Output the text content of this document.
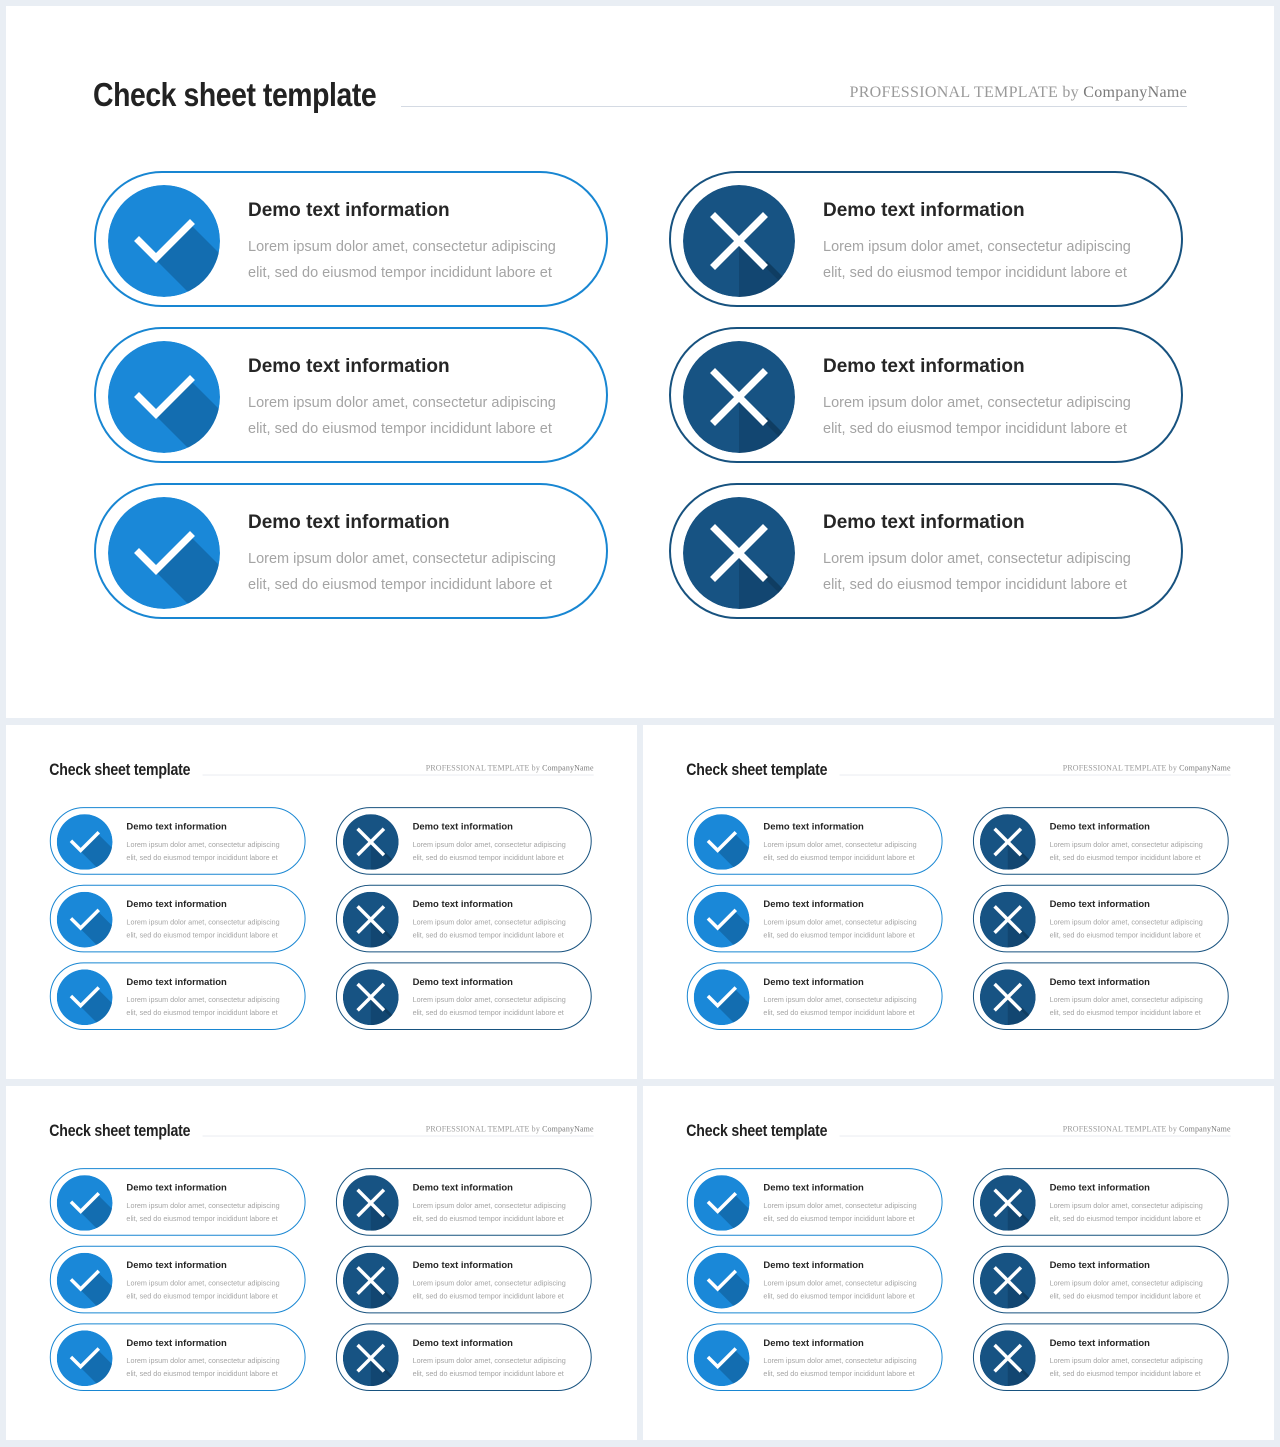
Check sheet template	PROFESSIONAL TEMPLATE by CompanyName
Demo text information

Lorem ipsum dolor amet, consectetur adipiscing
elit, sed do eiusmod tempor incididunt labore et

Demo text information

Lorem ipsum dolor amet, consectetur adipiscing
elit, sed do eiusmod tempor incididunt labore et

Demo text information

Lorem ipsum dolor amet, consectetur adipiscing
elit, sed do eiusmod tempor incididunt labore et

Demo text information

Lorem ipsum dolor amet, consectetur adipiscing
elit, sed do eiusmod tempor incididunt labore et

Demo text information

Lorem ipsum dolor amet, consectetur adipiscing
elit, sed do eiusmod tempor incididunt labore et

Demo text information

Lorem ipsum dolor amet, consectetur adipiscing
elit, sed do eiusmod tempor incididunt labore et

Check sheet template	PROFESSIONAL TEMPLATE by CompanyName
Demo text information

Lorem ipsum dolor amet, consectetur adipiscing
elit, sed do eiusmod tempor incididunt labore et

Demo text information

Lorem ipsum dolor amet, consectetur adipiscing
elit, sed do eiusmod tempor incididunt labore et

Demo text information

Lorem ipsum dolor amet, consectetur adipiscing
elit, sed do eiusmod tempor incididunt labore et

Demo text information

Lorem ipsum dolor amet, consectetur adipiscing
elit, sed do eiusmod tempor incididunt labore et

Demo text information

Lorem ipsum dolor amet, consectetur adipiscing
elit, sed do eiusmod tempor incididunt labore et

Demo text information

Lorem ipsum dolor amet, consectetur adipiscing
elit, sed do eiusmod tempor incididunt labore et

Check sheet template	PROFESSIONAL TEMPLATE by CompanyName
Demo text information

Lorem ipsum dolor amet, consectetur adipiscing
elit, sed do eiusmod tempor incididunt labore et

Demo text information

Lorem ipsum dolor amet, consectetur adipiscing
elit, sed do eiusmod tempor incididunt labore et

Demo text information

Lorem ipsum dolor amet, consectetur adipiscing
elit, sed do eiusmod tempor incididunt labore et

Demo text information

Lorem ipsum dolor amet, consectetur adipiscing
elit, sed do eiusmod tempor incididunt labore et

Demo text information

Lorem ipsum dolor amet, consectetur adipiscing
elit, sed do eiusmod tempor incididunt labore et

Demo text information

Lorem ipsum dolor amet, consectetur adipiscing
elit, sed do eiusmod tempor incididunt labore et

Check sheet template	PROFESSIONAL TEMPLATE by CompanyName
Demo text information

Lorem ipsum dolor amet, consectetur adipiscing
elit, sed do eiusmod tempor incididunt labore et

Demo text information

Lorem ipsum dolor amet, consectetur adipiscing
elit, sed do eiusmod tempor incididunt labore et

Demo text information

Lorem ipsum dolor amet, consectetur adipiscing
elit, sed do eiusmod tempor incididunt labore et

Demo text information

Lorem ipsum dolor amet, consectetur adipiscing
elit, sed do eiusmod tempor incididunt labore et

Demo text information

Lorem ipsum dolor amet, consectetur adipiscing
elit, sed do eiusmod tempor incididunt labore et

Demo text information

Lorem ipsum dolor amet, consectetur adipiscing
elit, sed do eiusmod tempor incididunt labore et

Check sheet template	PROFESSIONAL TEMPLATE by CompanyName
Demo text information

Lorem ipsum dolor amet, consectetur adipiscing
elit, sed do eiusmod tempor incididunt labore et

Demo text information

Lorem ipsum dolor amet, consectetur adipiscing
elit, sed do eiusmod tempor incididunt labore et

Demo text information

Lorem ipsum dolor amet, consectetur adipiscing
elit, sed do eiusmod tempor incididunt labore et

Demo text information

Lorem ipsum dolor amet, consectetur adipiscing
elit, sed do eiusmod tempor incididunt labore et

Demo text information

Lorem ipsum dolor amet, consectetur adipiscing
elit, sed do eiusmod tempor incididunt labore et

Demo text information

Lorem ipsum dolor amet, consectetur adipiscing
elit, sed do eiusmod tempor incididunt labore et
